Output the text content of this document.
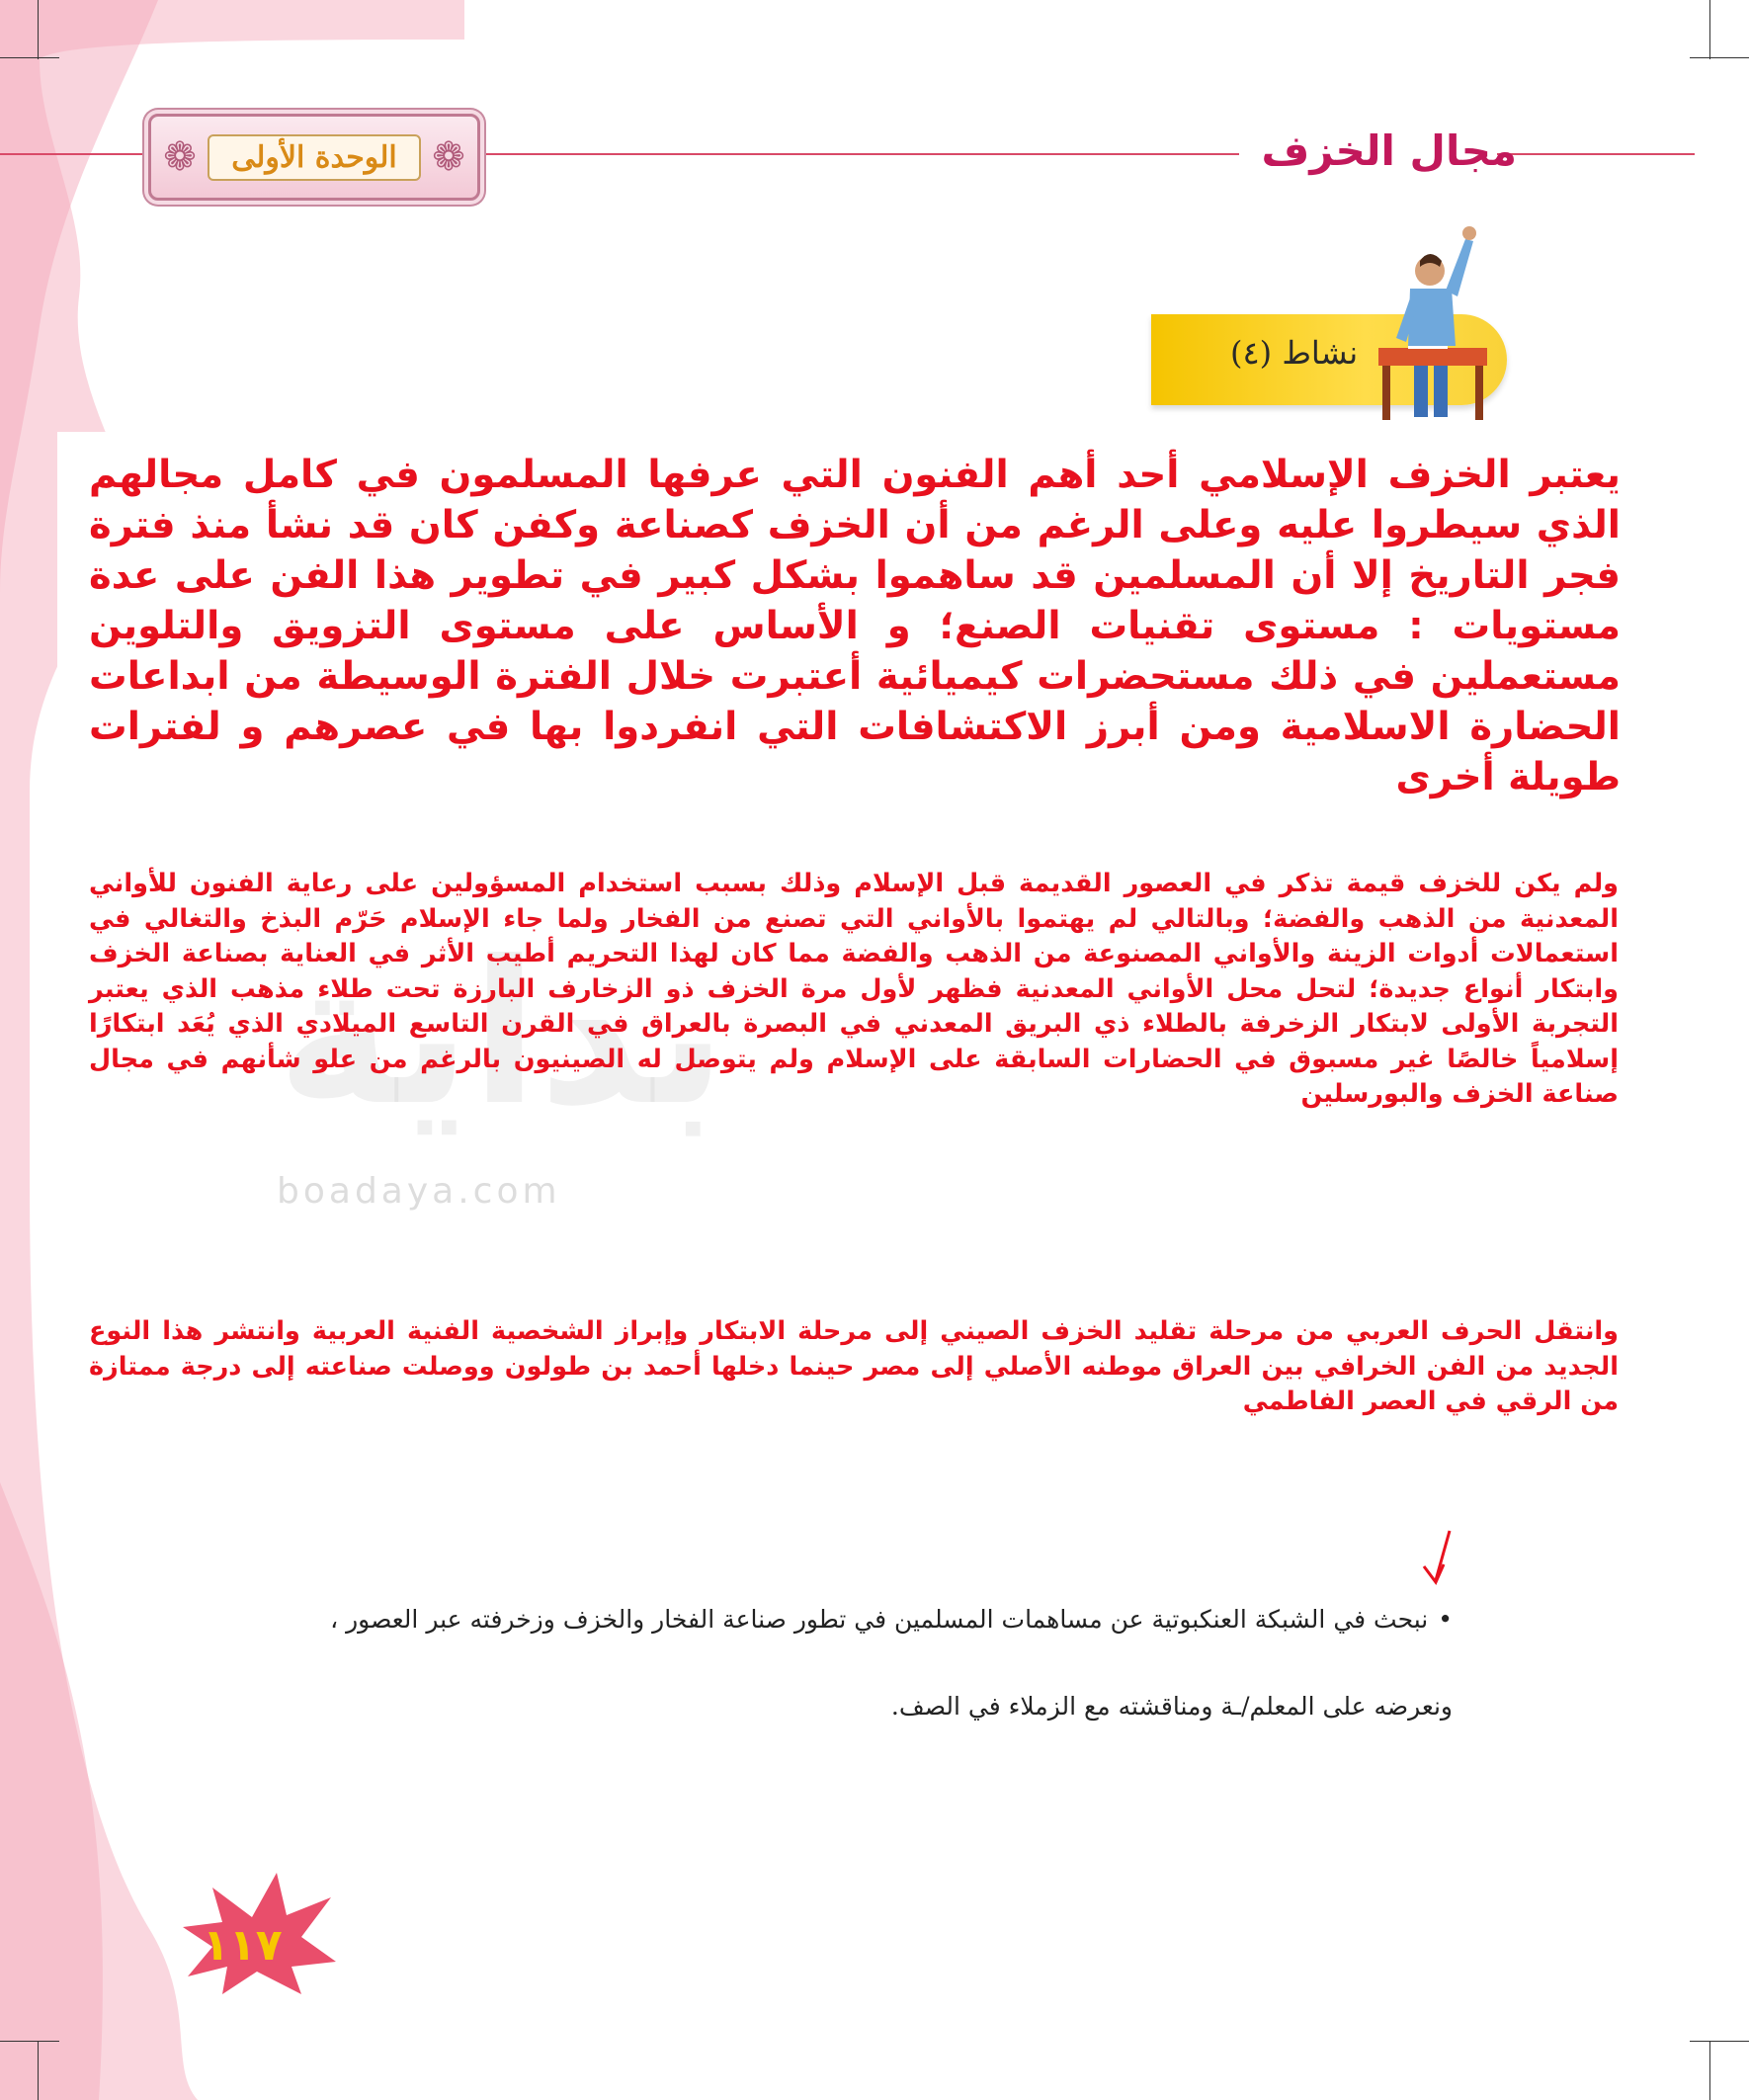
❁	الوحدة الأولى ❁	مجال الخزف
نشاط (٤)
بداية
boadaya.com
يعتبر الخزف الإسلامي أحد أهم الفنون التي عرفها المسلمون في كامل مجالهم الذي سيطروا عليه وعلى الرغم من أن الخزف كصناعة وكفن كان قد نشأ منذ فترة فجر التاريخ إلا أن المسلمين قد ساهموا بشكل كبير في تطوير هذا الفن على عدة مستويات : مستوى تقنيات الصنع؛ و الأساس على مستوى التزويق والتلوين مستعملين في ذلك مستحضرات كيميائية أعتبرت خلال الفترة الوسيطة من ابداعات الحضارة الاسلامية ومن أبرز الاكتشافات التي انفردوا بها في عصرهم و لفترات طويلة أخرى
ولم يكن للخزف قيمة تذكر في العصور القديمة قبل الإسلام وذلك بسبب استخدام المسؤولين على رعاية الفنون للأواني المعدنية من الذهب والفضة؛ وبالتالي لم يهتموا بالأواني التي تصنع من الفخار ولما جاء الإسلام حَرّم البذخ والتغالي في استعمالات أدوات الزينة والأواني المصنوعة من الذهب والفضة مما كان لهذا التحريم أطيب الأثر في العناية بصناعة الخزف وابتكار أنواع جديدة؛ لتحل محل الأواني المعدنية فظهر لأول مرة الخزف ذو الزخارف البارزة تحت طلاء مذهب الذي يعتبر التجربة الأولى لابتكار الزخرفة بالطلاء ذي البريق المعدني في البصرة بالعراق في القرن التاسع الميلادي الذي يُعَد ابتكارًا إسلامياً خالصًا غير مسبوق في الحضارات السابقة على الإسلام ولم يتوصل له الصينيون بالرغم من علو شأنهم في مجال صناعة الخزف والبورسلين
وانتقل الحرف العربي من مرحلة تقليد الخزف الصيني إلى مرحلة الابتكار وإبراز الشخصية الفنية العربية وانتشر هذا النوع الجديد من الفن الخرافي بين العراق موطنه الأصلي إلى مصر حينما دخلها أحمد بن طولون ووصلت صناعته إلى درجة ممتازة من الرقي في العصر الفاطمي
•نبحث في الشبكة العنكبوتية عن مساهمات المسلمين في تطور صناعة الفخار والخزف وزخرفته عبر العصور ،
ونعرضه على المعلم/ـة ومناقشته مع الزملاء في الصف.
١١٧
